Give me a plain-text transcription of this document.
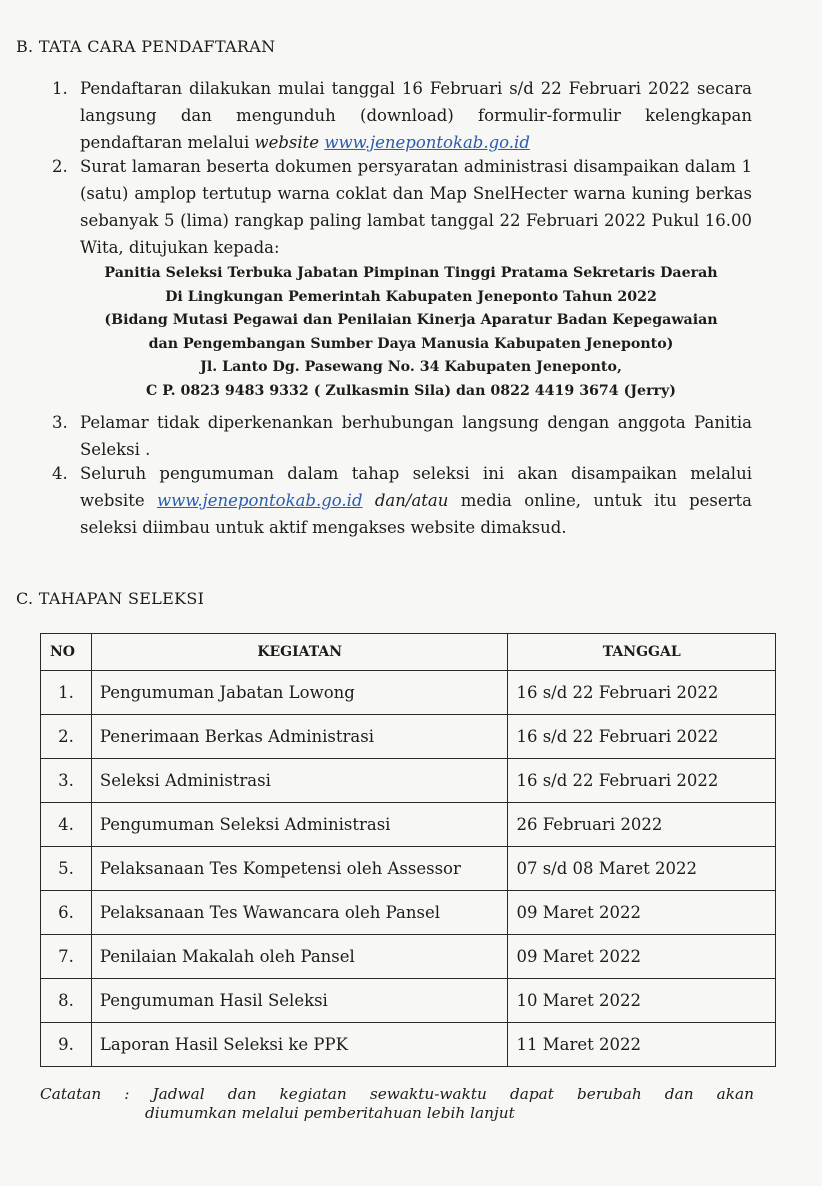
B. TATA CARA PENDAFTARAN
1. Pendaftaran dilakukan mulai tanggal 16 Februari s/d 22 Februari 2022 secara langsung dan mengunduh (download) formulir-formulir kelengkapan pendaftaran melalui website www.jenepontokab.go.id
2. Surat lamaran beserta dokumen persyaratan administrasi disampaikan dalam 1 (satu) amplop tertutup warna coklat dan Map SnelHecter warna kuning berkas sebanyak 5 (lima) rangkap paling lambat tanggal 22 Februari 2022 Pukul 16.00 Wita, ditujukan kepada:
Panitia Seleksi Terbuka Jabatan Pimpinan Tinggi Pratama Sekretaris Daerah
Di Lingkungan Pemerintah Kabupaten Jeneponto Tahun 2022
(Bidang Mutasi Pegawai dan Penilaian Kinerja Aparatur Badan Kepegawaian
dan Pengembangan Sumber Daya Manusia Kabupaten Jeneponto)
Jl. Lanto Dg. Pasewang No. 34 Kabupaten Jeneponto,
C P. 0823 9483 9332 ( Zulkasmin Sila) dan 0822 4419 3674 (Jerry)
3. Pelamar tidak diperkenankan berhubungan langsung dengan anggota Panitia Seleksi .
4. Seluruh pengumuman dalam tahap seleksi ini akan disampaikan melalui website www.jenepontokab.go.id dan/atau media online, untuk itu peserta seleksi diimbau untuk aktif mengakses website dimaksud.
C. TAHAPAN SELEKSI
NO	KEGIATAN	TANGGAL
1.	Pengumuman Jabatan Lowong	16 s/d 22 Februari 2022
2.	Penerimaan Berkas Administrasi	16 s/d 22 Februari 2022
3.	Seleksi Administrasi	16 s/d 22 Februari 2022
4.	Pengumuman Seleksi Administrasi	26 Februari 2022
5.	Pelaksanaan Tes Kompetensi oleh Assessor	07 s/d 08 Maret 2022
6.	Pelaksanaan Tes Wawancara oleh Pansel	09 Maret 2022
7.	Penilaian Makalah oleh Pansel	09 Maret 2022
8.	Pengumuman Hasil Seleksi	10 Maret 2022
9.	Laporan Hasil Seleksi ke PPK	11 Maret 2022
Catatan : Jadwal dan kegiatan sewaktu-waktu dapat berubah dan akan
diumumkan melalui pemberitahuan lebih lanjut
